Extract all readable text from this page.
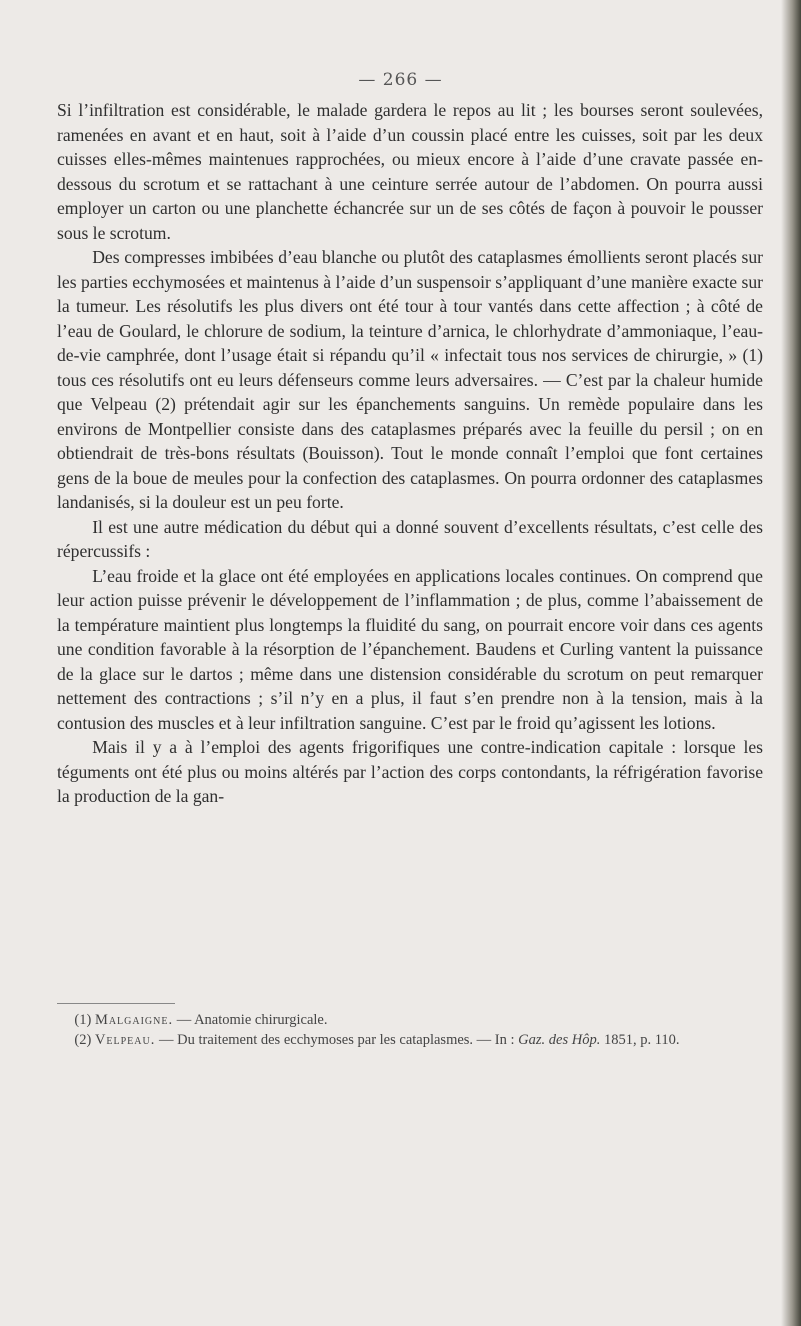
— 266 —

Si l’infiltration est considérable, le malade gardera le repos au lit ; les bourses seront soulevées, ramenées en avant et en haut, soit à l’aide d’un coussin placé entre les cuisses, soit par les deux cuisses elles-mêmes maintenues rapprochées, ou mieux encore à l’aide d’une cravate passée en-dessous du scrotum et se rattachant à une ceinture serrée autour de l’abdomen. On pourra aussi employer un carton ou une planchette échancrée sur un de ses côtés de façon à pouvoir le pousser sous le scrotum.

Des compresses imbibées d’eau blanche ou plutôt des cataplasmes émollients seront placés sur les parties ecchymosées et maintenus à l’aide d’un suspensoir s’appliquant d’une manière exacte sur la tumeur. Les résolutifs les plus divers ont été tour à tour vantés dans cette affection ; à côté de l’eau de Goulard, le chlorure de sodium, la teinture d’arnica, le chlorhydrate d’ammoniaque, l’eau-de-vie camphrée, dont l’usage était si répandu qu’il « infectait tous nos services de chirurgie, » (1) tous ces résolutifs ont eu leurs défenseurs comme leurs adversaires. — C’est par la chaleur humide que Velpeau (2) prétendait agir sur les épanchements sanguins. Un remède populaire dans les environs de Montpellier consiste dans des cataplasmes préparés avec la feuille du persil ; on en obtiendrait de très-bons résultats (Bouisson). Tout le monde connaît l’emploi que font certaines gens de la boue de meules pour la confection des cataplasmes. On pourra ordonner des cataplasmes landanisés, si la douleur est un peu forte.

Il est une autre médication du début qui a donné souvent d’excellents résultats, c’est celle des répercussifs :

L’eau froide et la glace ont été employées en applications locales continues. On comprend que leur action puisse prévenir le développement de l’inflammation ; de plus, comme l’abaissement de la température maintient plus longtemps la fluidité du sang, on pourrait encore voir dans ces agents une condition favorable à la résorption de l’épanchement. Baudens et Curling vantent la puissance de la glace sur le dartos ; même dans une distension considérable du scrotum on peut remarquer nettement des contractions ; s’il n’y en a plus, il faut s’en prendre non à la tension, mais à la contusion des muscles et à leur infiltration sanguine. C’est par le froid qu’agissent les lotions.

Mais il y a à l’emploi des agents frigorifiques une contre-indication capitale : lorsque les téguments ont été plus ou moins altérés par l’action des corps contondants, la réfrigération favorise la production de la gan-

(1) Malgaigne. — Anatomie chirurgicale.

(2) Velpeau. — Du traitement des ecchymoses par les cataplasmes. — In : Gaz. des Hôp. 1851, p. 110.
